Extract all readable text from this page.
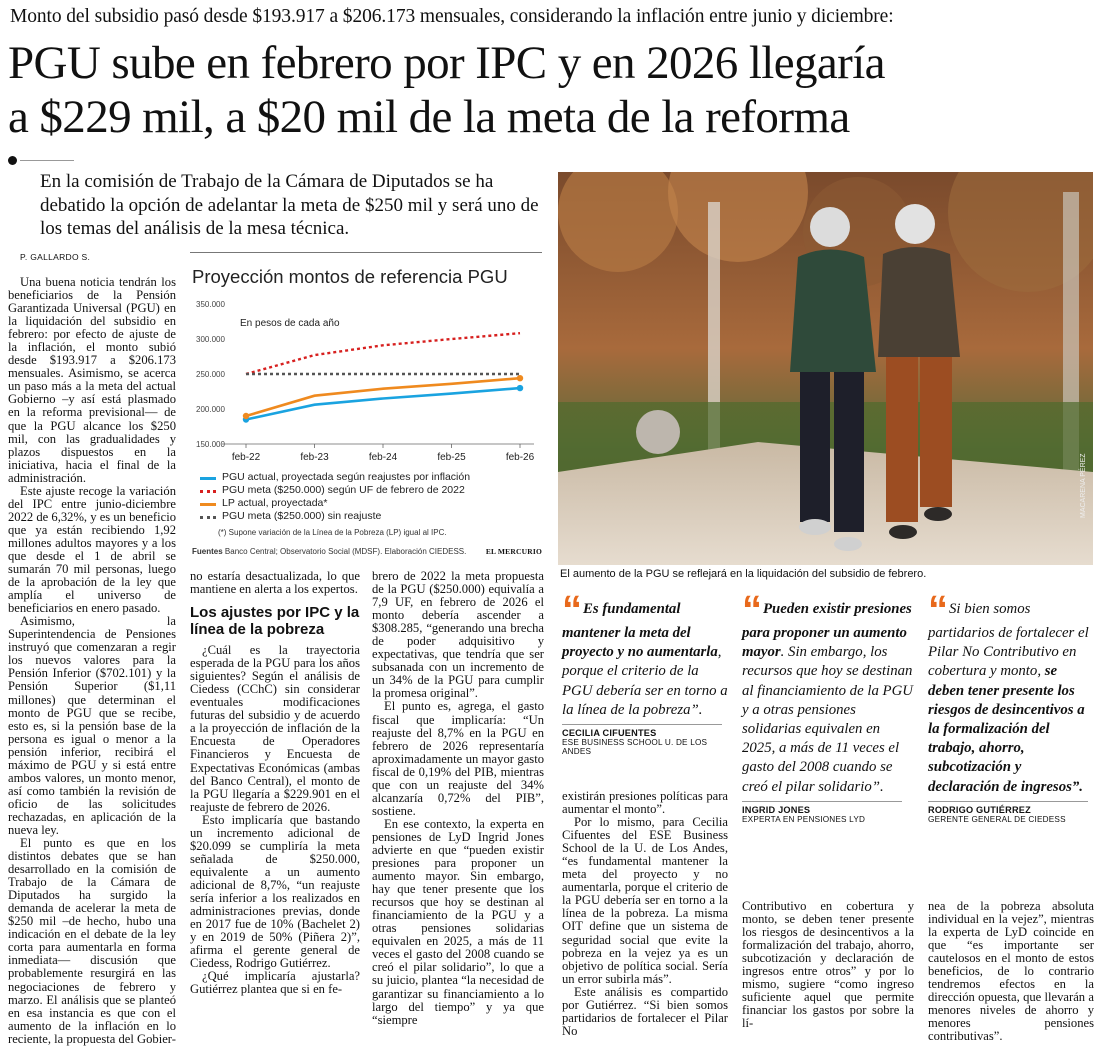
Monto del subsidio pasó desde $193.917 a $206.173 mensuales, considerando la inflación entre junio y diciembre:
PGU sube en febrero por IPC y en 2026 llegaría
a $229 mil, a $20 mil de la meta de la reforma
En la comisión de Trabajo de la Cámara de Diputados se ha debatido la opción de adelantar la meta de $250 mil y será uno de los temas del análisis de la mesa técnica.
P. GALLARDO S.

Una buena noticia tendrán los beneficiarios de la Pensión Garantizada Universal (PGU) en la liquidación del subsidio en febrero: por efecto de ajuste de la inflación, el monto subió desde $193.917 a $206.173 mensuales. Asimismo, se acerca un paso más a la meta del actual Gobierno –y así está plasmado en la reforma previsional— de que la PGU alcance los $250 mil, con las gradualidades y plazos dispuestos en la iniciativa, hacia el final de la administración.

Este ajuste recoge la variación del IPC entre junio-diciembre 2022 de 6,32%, y es un beneficio que ya están recibiendo 1,92 millones adultos mayores y a los que desde el 1 de abril se sumarán 70 mil personas, luego de la aprobación de la ley que amplía el universo de beneficiarios en enero pasado.

Asimismo, la Superintendencia de Pensiones instruyó que comenzaran a regir los nuevos valores para la Pensión Inferior ($702.101) y la Pensión Superior ($1,11 millones) que determinan el monto de PGU que se recibe, esto es, si la pensión base de la persona es igual o menor a la pensión inferior, recibirá el máximo de PGU y si está entre ambos valores, un monto menor, así como también la revisión de oficio de las solicitudes rechazadas, en aplicación de la nueva ley.

El punto es que en los distintos debates que se han desarrollado en la comisión de Trabajo de la Cámara de Diputados ha surgido la demanda de acelerar la meta de $250 mil –de hecho, hubo una indicación en el debate de la ley corta para aumentarla en forma inmediata— discusión que probablemente resurgirá en las negociaciones de febrero y marzo. El análisis que se planteó en esa instancia es que con el aumento de la inflación en lo reciente, la propuesta del Gobier-

Proyección montos de referencia PGU
En pesos de cada año
350.000
300.000
250.000
200.000
150.000
feb-22	feb-23	feb-24	feb-25	feb-26
PGU actual, proyectada según reajustes por inflación
PGU meta ($250.000) según UF de febrero de 2022
LP actual, proyectada*
PGU meta ($250.000) sin reajuste
(*) Supone variación de la Línea de la Pobreza (LP) igual al IPC.
Fuentes Banco Central; Observatorio Social (MDSF). Elaboración CIEDESS.	EL MERCURIO
MACARENA PÉREZ
El aumento de la PGU se reflejará en la liquidación del subsidio de febrero.

no estaría desactualizada, lo que mantiene en alerta a los expertos.

Los ajustes por IPC y la línea de la pobreza

¿Cuál es la trayectoria esperada de la PGU para los años siguientes? Según el análisis de Ciedess (CChC) sin considerar eventuales modificaciones futuras del subsidio y de acuerdo a la proyección de inflación de la Encuesta de Operadores Financieros y Encuesta de Expectativas Económicas (ambas del Banco Central), el monto de la PGU llegaría a $229.901 en el reajuste de febrero de 2026.

Esto implicaría que bastando un incremento adicional de $20.099 se cumpliría la meta señalada de $250.000, equivalente a un aumento adicional de 8,7%, “un reajuste sería inferior a los realizados en administraciones previas, donde en 2017 fue de 10% (Bachelet 2) y en 2019 de 50% (Piñera 2)”, afirma el gerente general de Ciedess, Rodrigo Gutiérrez.

¿Qué implicaría ajustarla? Gutiérrez plantea que si en fe-

brero de 2022 la meta propuesta de la PGU ($250.000) equivalía a 7,9 UF, en febrero de 2026 el monto debería ascender a $308.285, “generando una brecha de poder adquisitivo y expectativas, que tendría que ser subsanada con un incremento de un 34% de la PGU para cumplir la promesa original”.

El punto es, agrega, el gasto fiscal que implicaría: “Un reajuste del 8,7% en la PGU en febrero de 2026 representaría aproximadamente un mayor gasto fiscal de 0,19% del PIB, mientras que con un reajuste del 34% alcanzaría 0,72% del PIB”, sostiene.

En ese contexto, la experta en pensiones de LyD Ingrid Jones advierte en que “pueden existir presiones para proponer un aumento mayor. Sin embargo, hay que tener presente que los recursos que hoy se destinan al financiamiento de la PGU y a otras pensiones solidarias equivalen en 2025, a más de 11 veces el gasto del 2008 cuando se creó el pilar solidario”, lo que a su juicio, plantea “la necesidad de garantizar su financiamiento a lo largo del tiempo” y ya que “siempre

“ Es fundamental mantener la meta del proyecto y no aumentarla, porque el criterio de la PGU debería ser en torno a la línea de la pobreza”.
CECILIA CIFUENTES
ESE BUSINESS SCHOOL U. DE LOS ANDES

existirán presiones políticas para aumentar el monto”.

Por lo mismo, para Cecilia Cifuentes del ESE Business School de la U. de Los Andes, “es fundamental mantener la meta del proyecto y no aumentarla, porque el criterio de la PGU debería ser en torno a la línea de la pobreza. La misma OIT define que un sistema de seguridad social que evite la pobreza en la vejez ya es un objetivo de política social. Sería un error subirla más”.

Este análisis es compartido por Gutiérrez. “Si bien somos partidarios de fortalecer el Pilar No

“ Pueden existir presiones para proponer un aumento mayor. Sin embargo, los recursos que hoy se destinan al financiamiento de la PGU y a otras pensiones solidarias equivalen en 2025, a más de 11 veces el gasto del 2008 cuando se creó el pilar solidario”.
INGRID JONES
EXPERTA EN PENSIONES LYD
“ Si bien somos partidarios de fortalecer el Pilar No Contributivo en cobertura y monto, se deben tener presente los riesgos de desincentivos a la formalización del trabajo, ahorro, subcotización y declaración de ingresos”.
RODRIGO GUTIÉRREZ
GERENTE GENERAL DE CIEDESS

Contributivo en cobertura y monto, se deben tener presente los riesgos de desincentivos a la formalización del trabajo, ahorro, subcotización y declaración de ingresos entre otros” y por lo mismo, sugiere “como ingreso suficiente aquel que permite financiar los gastos por sobre la lí-

nea de la pobreza absoluta individual en la vejez”, mientras la experta de LyD coincide en que “es importante ser cautelosos en el monto de estos beneficios, de lo contrario tendremos efectos en la dirección opuesta, que llevarán a menores niveles de ahorro y menores pensiones contributivas”.
